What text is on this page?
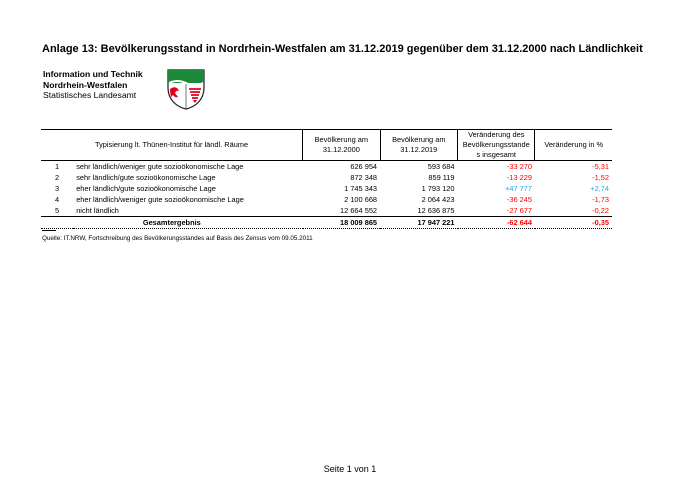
Anlage 13: Bevölkerungsstand in Nordrhein-Westfalen am 31.12.2019 gegenüber dem 31.12.2000 nach Ländlichkeit
Information und Technik
Nordrhein-Westfalen
Statistisches Landesamt
Typisierung lt. Thünen-Institut für ländl. Räume		Bevölkerung am 31.12.2000	Bevölkerung am 31.12.2019	Veränderung des Bevölkerungsstande s insgesamt	Veränderung in %
1	sehr ländlich/weniger gute sozioökonomische Lage	626 954	593 684	-33 270	-5,31
2	sehr ländlich/gute sozioökonomische Lage	872 348	859 119	-13 229	-1,52
3	eher ländlich/gute sozioökonomische Lage	1 745 343	1 793 120	+47 777	+2,74
4	eher ländlich/weniger gute sozioökonomische Lage	2 100 668	2 064 423	-36 245	-1,73
5	nicht ländlich	12 664 552	12 636 875	-27 677	-0,22
Gesamtergebnis		18 009 865	17 947 221	-62 644	-0,35
Quelle: IT.NRW, Fortschreibung des Bevölkerungsstandes auf Basis des Zensus vom 09.05.2011
Seite 1 von 1
